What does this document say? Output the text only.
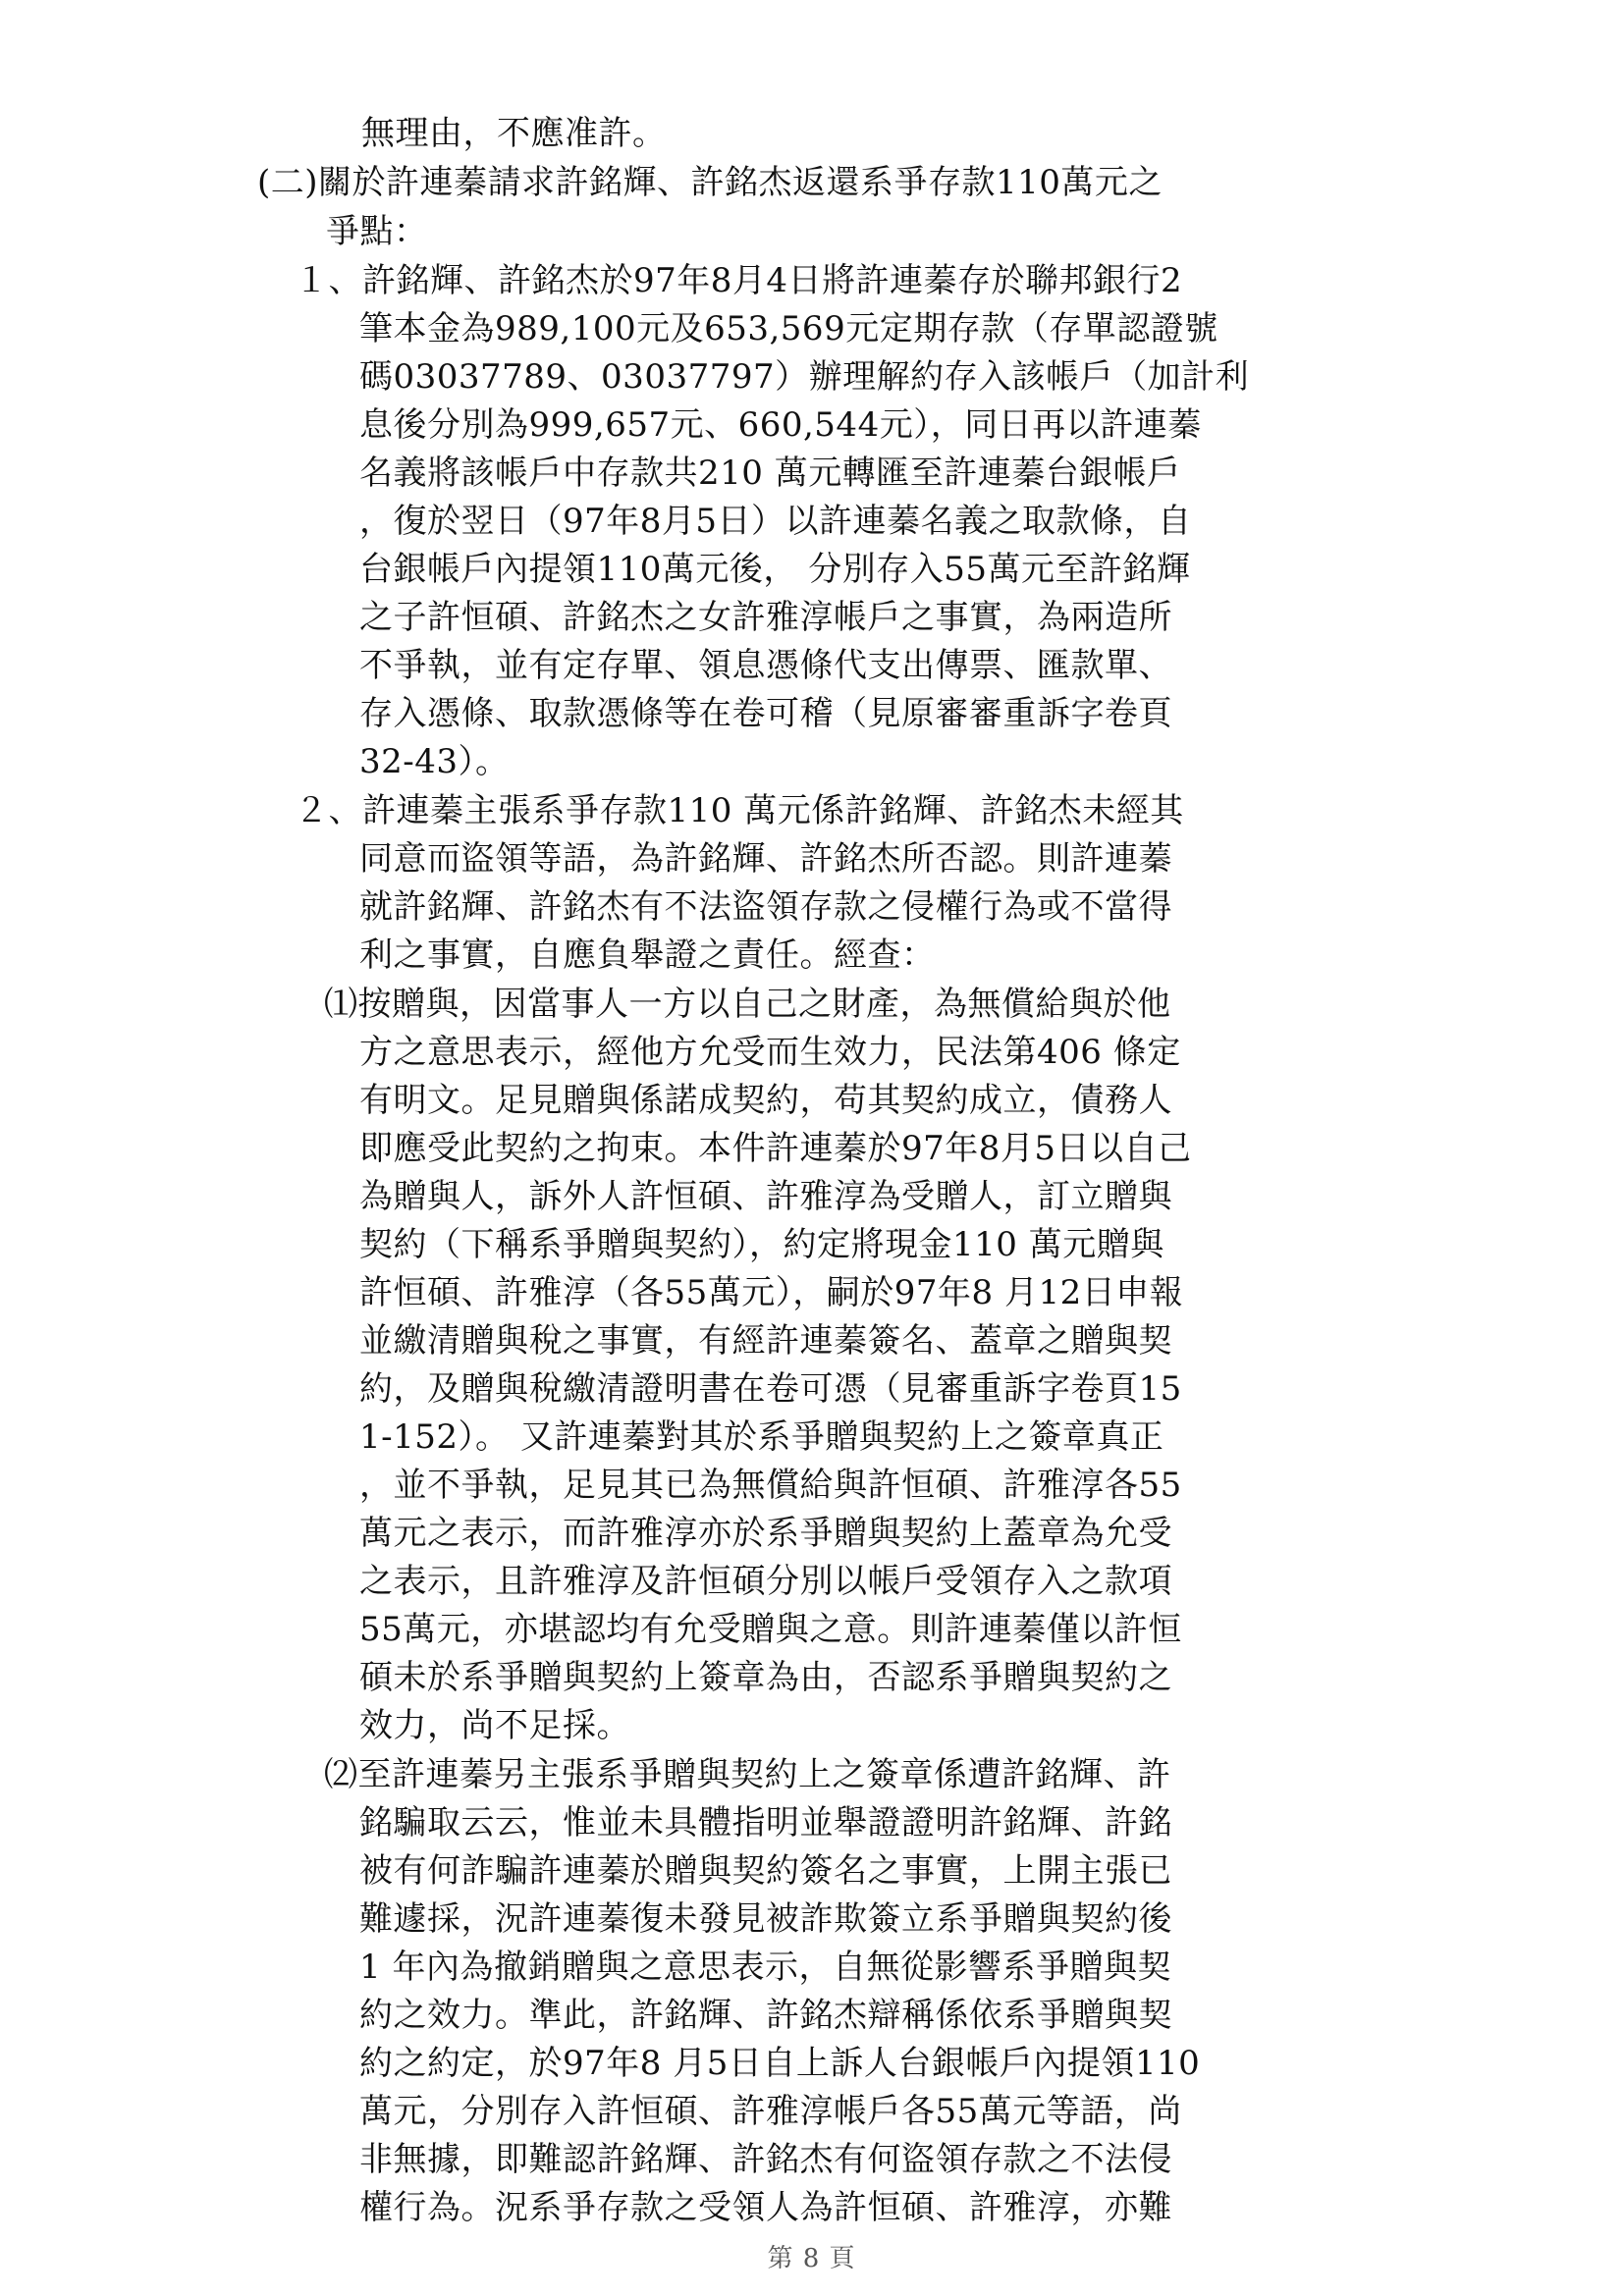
無理由，不應准許。
(二)關於許連蓁請求許銘輝、許銘杰返還系爭存款110萬元之
爭點：
１、許銘輝、許銘杰於97年8月4日將許連蓁存於聯邦銀行2
筆本金為989,100元及653,569元定期存款（存單認證號
碼03037789、03037797）辦理解約存入該帳戶（加計利
息後分別為999,657元、660,544元），同日再以許連蓁
名義將該帳戶中存款共210 萬元轉匯至許連蓁台銀帳戶
，復於翌日（97年8月5日）以許連蓁名義之取款條，自
台銀帳戶內提領110萬元後， 分別存入55萬元至許銘輝
之子許恒碩、許銘杰之女許雅淳帳戶之事實，為兩造所
不爭執，並有定存單、領息憑條代支出傳票、匯款單、
存入憑條、取款憑條等在卷可稽（見原審審重訴字卷頁
32-43）。
２、許連蓁主張系爭存款110 萬元係許銘輝、許銘杰未經其
同意而盜領等語，為許銘輝、許銘杰所否認。則許連蓁
就許銘輝、許銘杰有不法盜領存款之侵權行為或不當得
利之事實，自應負舉證之責任。經查：
⑴按贈與，因當事人一方以自己之財產，為無償給與於他
方之意思表示，經他方允受而生效力，民法第406 條定
有明文。足見贈與係諾成契約，苟其契約成立，債務人
即應受此契約之拘束。本件許連蓁於97年8月5日以自己
為贈與人，訴外人許恒碩、許雅淳為受贈人，訂立贈與
契約（下稱系爭贈與契約），約定將現金110 萬元贈與
許恒碩、許雅淳（各55萬元），嗣於97年8 月12日申報
並繳清贈與稅之事實，有經許連蓁簽名、蓋章之贈與契
約，及贈與稅繳清證明書在卷可憑（見審重訴字卷頁15
1-152）。 又許連蓁對其於系爭贈與契約上之簽章真正
，並不爭執，足見其已為無償給與許恒碩、許雅淳各55
萬元之表示，而許雅淳亦於系爭贈與契約上蓋章為允受
之表示，且許雅淳及許恒碩分別以帳戶受領存入之款項
55萬元，亦堪認均有允受贈與之意。則許連蓁僅以許恒
碩未於系爭贈與契約上簽章為由，否認系爭贈與契約之
效力，尚不足採。
⑵至許連蓁另主張系爭贈與契約上之簽章係遭許銘輝、許
銘騙取云云，惟並未具體指明並舉證證明許銘輝、許銘
被有何詐騙許連蓁於贈與契約簽名之事實，上開主張已
難遽採，況許連蓁復未發見被詐欺簽立系爭贈與契約後
1 年內為撤銷贈與之意思表示，自無從影響系爭贈與契
約之效力。準此，許銘輝、許銘杰辯稱係依系爭贈與契
約之約定，於97年8 月5日自上訴人台銀帳戶內提領110
萬元，分別存入許恒碩、許雅淳帳戶各55萬元等語，尚
非無據，即難認許銘輝、許銘杰有何盜領存款之不法侵
權行為。況系爭存款之受領人為許恒碩、許雅淳，亦難
第 8 頁
